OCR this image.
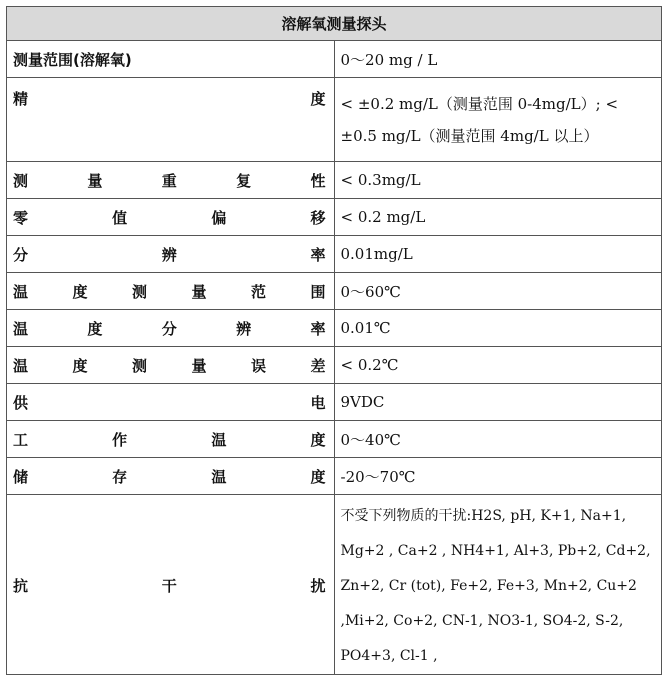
溶解氧测量探头	
测量范围(溶解氧)	0～20 mg / L
精度	< ±0.2 mg/L（测量范围 0-4mg/L）; < ±0.5 mg/L（测量范围 4mg/L 以上）
测量重复性	< 0.3mg/L
零值偏移	< 0.2 mg/L
分辨率	0.01mg/L
温度测量范围	0～60℃
温度分辨率	0.01℃
温度测量误差	< 0.2℃
供电	9VDC
工作温度	0～40℃
储存温度	-20～70℃
抗干扰	不受下列物质的干扰:H2S, pH, K+1, Na+1, Mg+2 , Ca+2 , NH4+1, Al+3, Pb+2, Cd+2, Zn+2, Cr (tot), Fe+2, Fe+3, Mn+2, Cu+2 ,Mi+2, Co+2, CN-1, NO3-1, SO4-2, S-2, PO4+3, Cl-1 ,
